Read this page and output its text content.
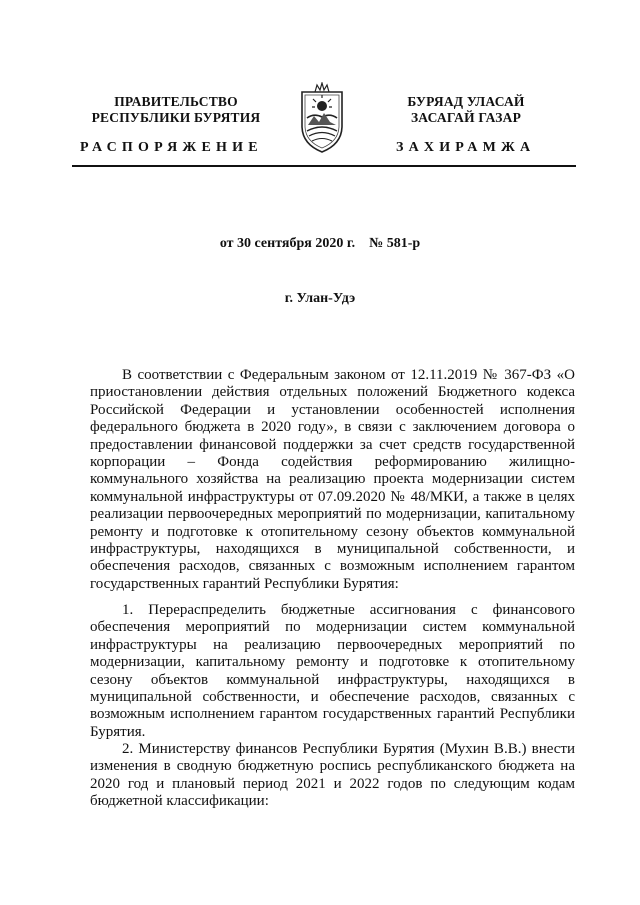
ПРАВИТЕЛЬСТВО
РЕСПУБЛИКИ БУРЯТИЯ
БУРЯАД УЛАСАЙ
ЗАСАГАЙ ГАЗАР
РАСПОРЯЖЕНИЕ	ЗАХИРАМЖА
от 30 сентября 2020 г.    № 581-р
г. Улан-Удэ

В соответствии с Федеральным законом от 12.11.2019 № 367-ФЗ «О приостановлении действия отдельных положений Бюджетного кодекса Российской Федерации и установлении особенностей исполнения федерального бюджета в 2020 году», в связи с заключением договора о предоставлении финансовой поддержки за счет средств государственной корпорации – Фонда содействия реформированию жилищно-коммунального хозяйства на реализацию проекта модернизации систем коммунальной инфраструктуры от 07.09.2020 № 48/МКИ, а также в целях реализации первоочередных мероприятий по модернизации, капитальному ремонту и подготовке к отопительному сезону объектов коммунальной инфраструктуры, находящихся в муниципальной собственности, и обеспечения расходов, связанных с возможным исполнением гарантом государственных гарантий Республики Бурятия:

1. Перераспределить бюджетные ассигнования с финансового обеспечения мероприятий по модернизации систем коммунальной инфраструктуры на реализацию первоочередных мероприятий по модернизации, капитальному ремонту и подготовке к отопительному сезону объектов коммунальной инфраструктуры, находящихся в муниципальной собственности, и обеспечение расходов, связанных с возможным исполнением гарантом государственных гарантий Республики Бурятия.

2. Министерству финансов Республики Бурятия (Мухин В.В.) внести изменения в сводную бюджетную роспись республиканского бюджета на 2020 год и плановый период 2021 и 2022 годов по следующим кодам бюджетной классификации:
